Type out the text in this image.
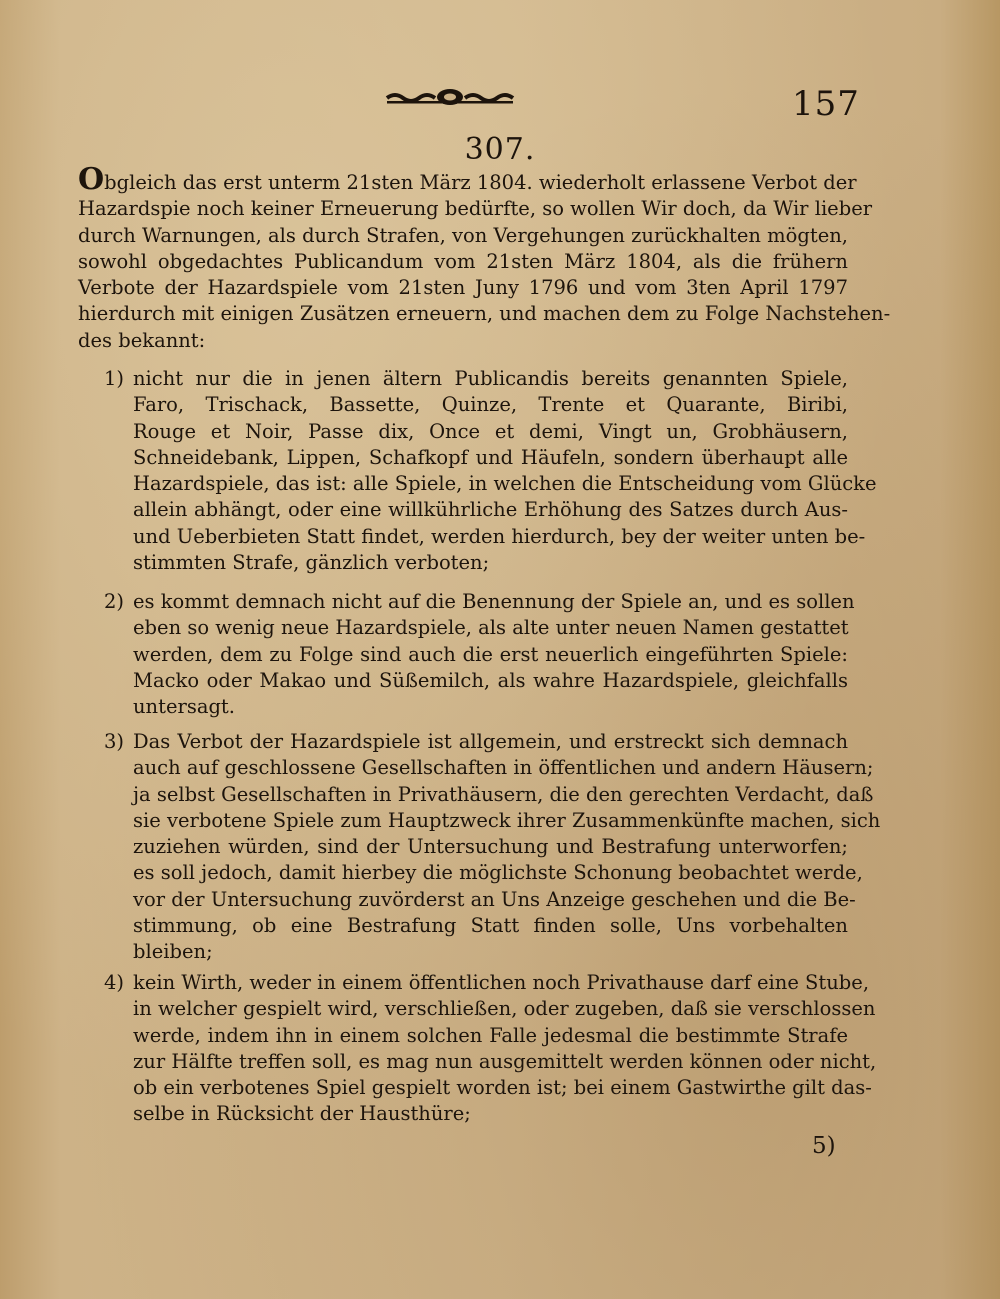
157
307.
Obgleich das erst unterm 21sten März 1804. wiederholt erlassene Verbot der
Hazardspie noch keiner Erneuerung bedürfte, so wollen Wir doch, da Wir lieber
durch Warnungen, als durch Strafen, von Vergehungen zurückhalten mögten,
sowohl obgedachtes Publicandum vom 21sten März 1804, als die frühern
Verbote der Hazardspiele vom 21sten Juny 1796 und vom 3ten April 1797
hierdurch mit einigen Zusätzen erneuern, und machen dem zu Folge Nachstehen-
des bekannt:
1) nicht nur die in jenen ältern Publicandis bereits genannten Spiele,
Faro, Trischack, Bassette, Quinze, Trente et Quarante, Biribi,
Rouge et Noir, Passe dix, Once et demi, Vingt un, Grobhäusern,
Schneidebank, Lippen, Schafkopf und Häufeln, sondern überhaupt alle
Hazardspiele, das ist: alle Spiele, in welchen die Entscheidung vom Glücke
allein abhängt, oder eine willkührliche Erhöhung des Satzes durch Aus-
und Ueberbieten Statt findet, werden hierdurch, bey der weiter unten be-
stimmten Strafe, gänzlich verboten;
2) es kommt demnach nicht auf die Benennung der Spiele an, und es sollen
eben so wenig neue Hazardspiele, als alte unter neuen Namen gestattet
werden, dem zu Folge sind auch die erst neuerlich eingeführten Spiele:
Macko oder Makao und Süßemilch, als wahre Hazardspiele, gleichfalls
untersagt.
3) Das Verbot der Hazardspiele ist allgemein, und erstreckt sich demnach
auch auf geschlossene Gesellschaften in öffentlichen und andern Häusern;
ja selbst Gesellschaften in Privathäusern, die den gerechten Verdacht, daß
sie verbotene Spiele zum Hauptzweck ihrer Zusammenkünfte machen, sich
zuziehen würden, sind der Untersuchung und Bestrafung unterworfen;
es soll jedoch, damit hierbey die möglichste Schonung beobachtet werde,
vor der Untersuchung zuvörderst an Uns Anzeige geschehen und die Be-
stimmung, ob eine Bestrafung Statt finden solle, Uns vorbehalten
bleiben;
4) kein Wirth, weder in einem öffentlichen noch Privathause darf eine Stube,
in welcher gespielt wird, verschließen, oder zugeben, daß sie verschlossen
werde, indem ihn in einem solchen Falle jedesmal die bestimmte Strafe
zur Hälfte treffen soll, es mag nun ausgemittelt werden können oder nicht,
ob ein verbotenes Spiel gespielt worden ist; bei einem Gastwirthe gilt das-
selbe in Rücksicht der Hausthüre;
5)
